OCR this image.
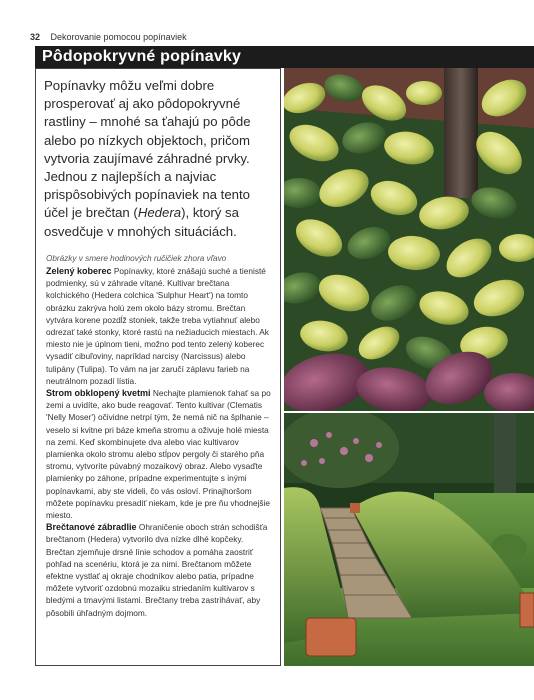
32 Dekorovanie pomocou popínaviek
Pôdopokryvné popínavky
Popínavky môžu veľmi dobre prosperovať aj ako pôdopokryvné rastliny – mnohé sa ťahajú po pôde alebo po nízkych objektoch, pričom vytvoria zaujímavé záhradné prvky. Jednou z najlepších a najviac prispôsobivých popínaviek na tento účel je brečtan (Hedera), ktorý sa osvedčuje v mnohých situáciách.
Obrázky v smere hodinových ručičiek zhora vľavo

Zelený koberec Popínavky, ktoré znášajú suché a tienisté podmienky, sú v záhrade vítané. Kultivar brečtana kolchického (Hedera colchica 'Sulphur Heart') na tomto obrázku zakrýva holú zem okolo bázy stromu. Brečtan vytvára korene pozdĺž stoniek, takže treba vytiahnuť alebo odrezať také stonky, ktoré rastú na nežiaducich miestach. Ak miesto nie je úplnom tieni, možno pod tento zelený koberec vysadiť cibuľoviny, napríklad narcisy (Narcissus) alebo tulipány (Tulipa). To vám na jar zaručí záplavu farieb na neutrálnom pozadí lístia.

Strom obklopený kvetmi Nechajte plamienok ťahať sa po zemi a uvidíte, ako bude reagovať. Tento kultivar (Clematis 'Nelly Moser') očividne netrpí tým, že nemá nič na šplhanie – veselo si kvitne pri báze kmeňa stromu a oživuje holé miesta na zemi. Keď skombinujete dva alebo viac kultivarov plamienka okolo stromu alebo stĺpov pergoly či starého pňa stromu, vytvoríte púvabný mozaikový obraz. Alebo vysaďte plamienky po záhone, prípadne experimentujte s inými popínavkami, aby ste videli, čo vás osloví. Prinajhoršom môžete popínavku presadiť niekam, kde je pre ňu vhodnejšie miesto.

Brečtanové zábradlie Ohraničenie oboch strán schodišťa brečtanom (Hedera) vytvorilo dva nízke dlhé kopčeky. Brečtan zjemňuje drsné línie schodov a pomáha zaostriť pohľad na scenériu, ktorá je za nimi. Brečtanom môžete efektne vystlať aj okraje chodníkov alebo patia, prípadne môžete vytvoriť ozdobnú mozaiku striedaním kultivarov s bledými a tmavými listami. Brečtany treba zastrihávať, aby pôsobili úhľadným dojmom.
